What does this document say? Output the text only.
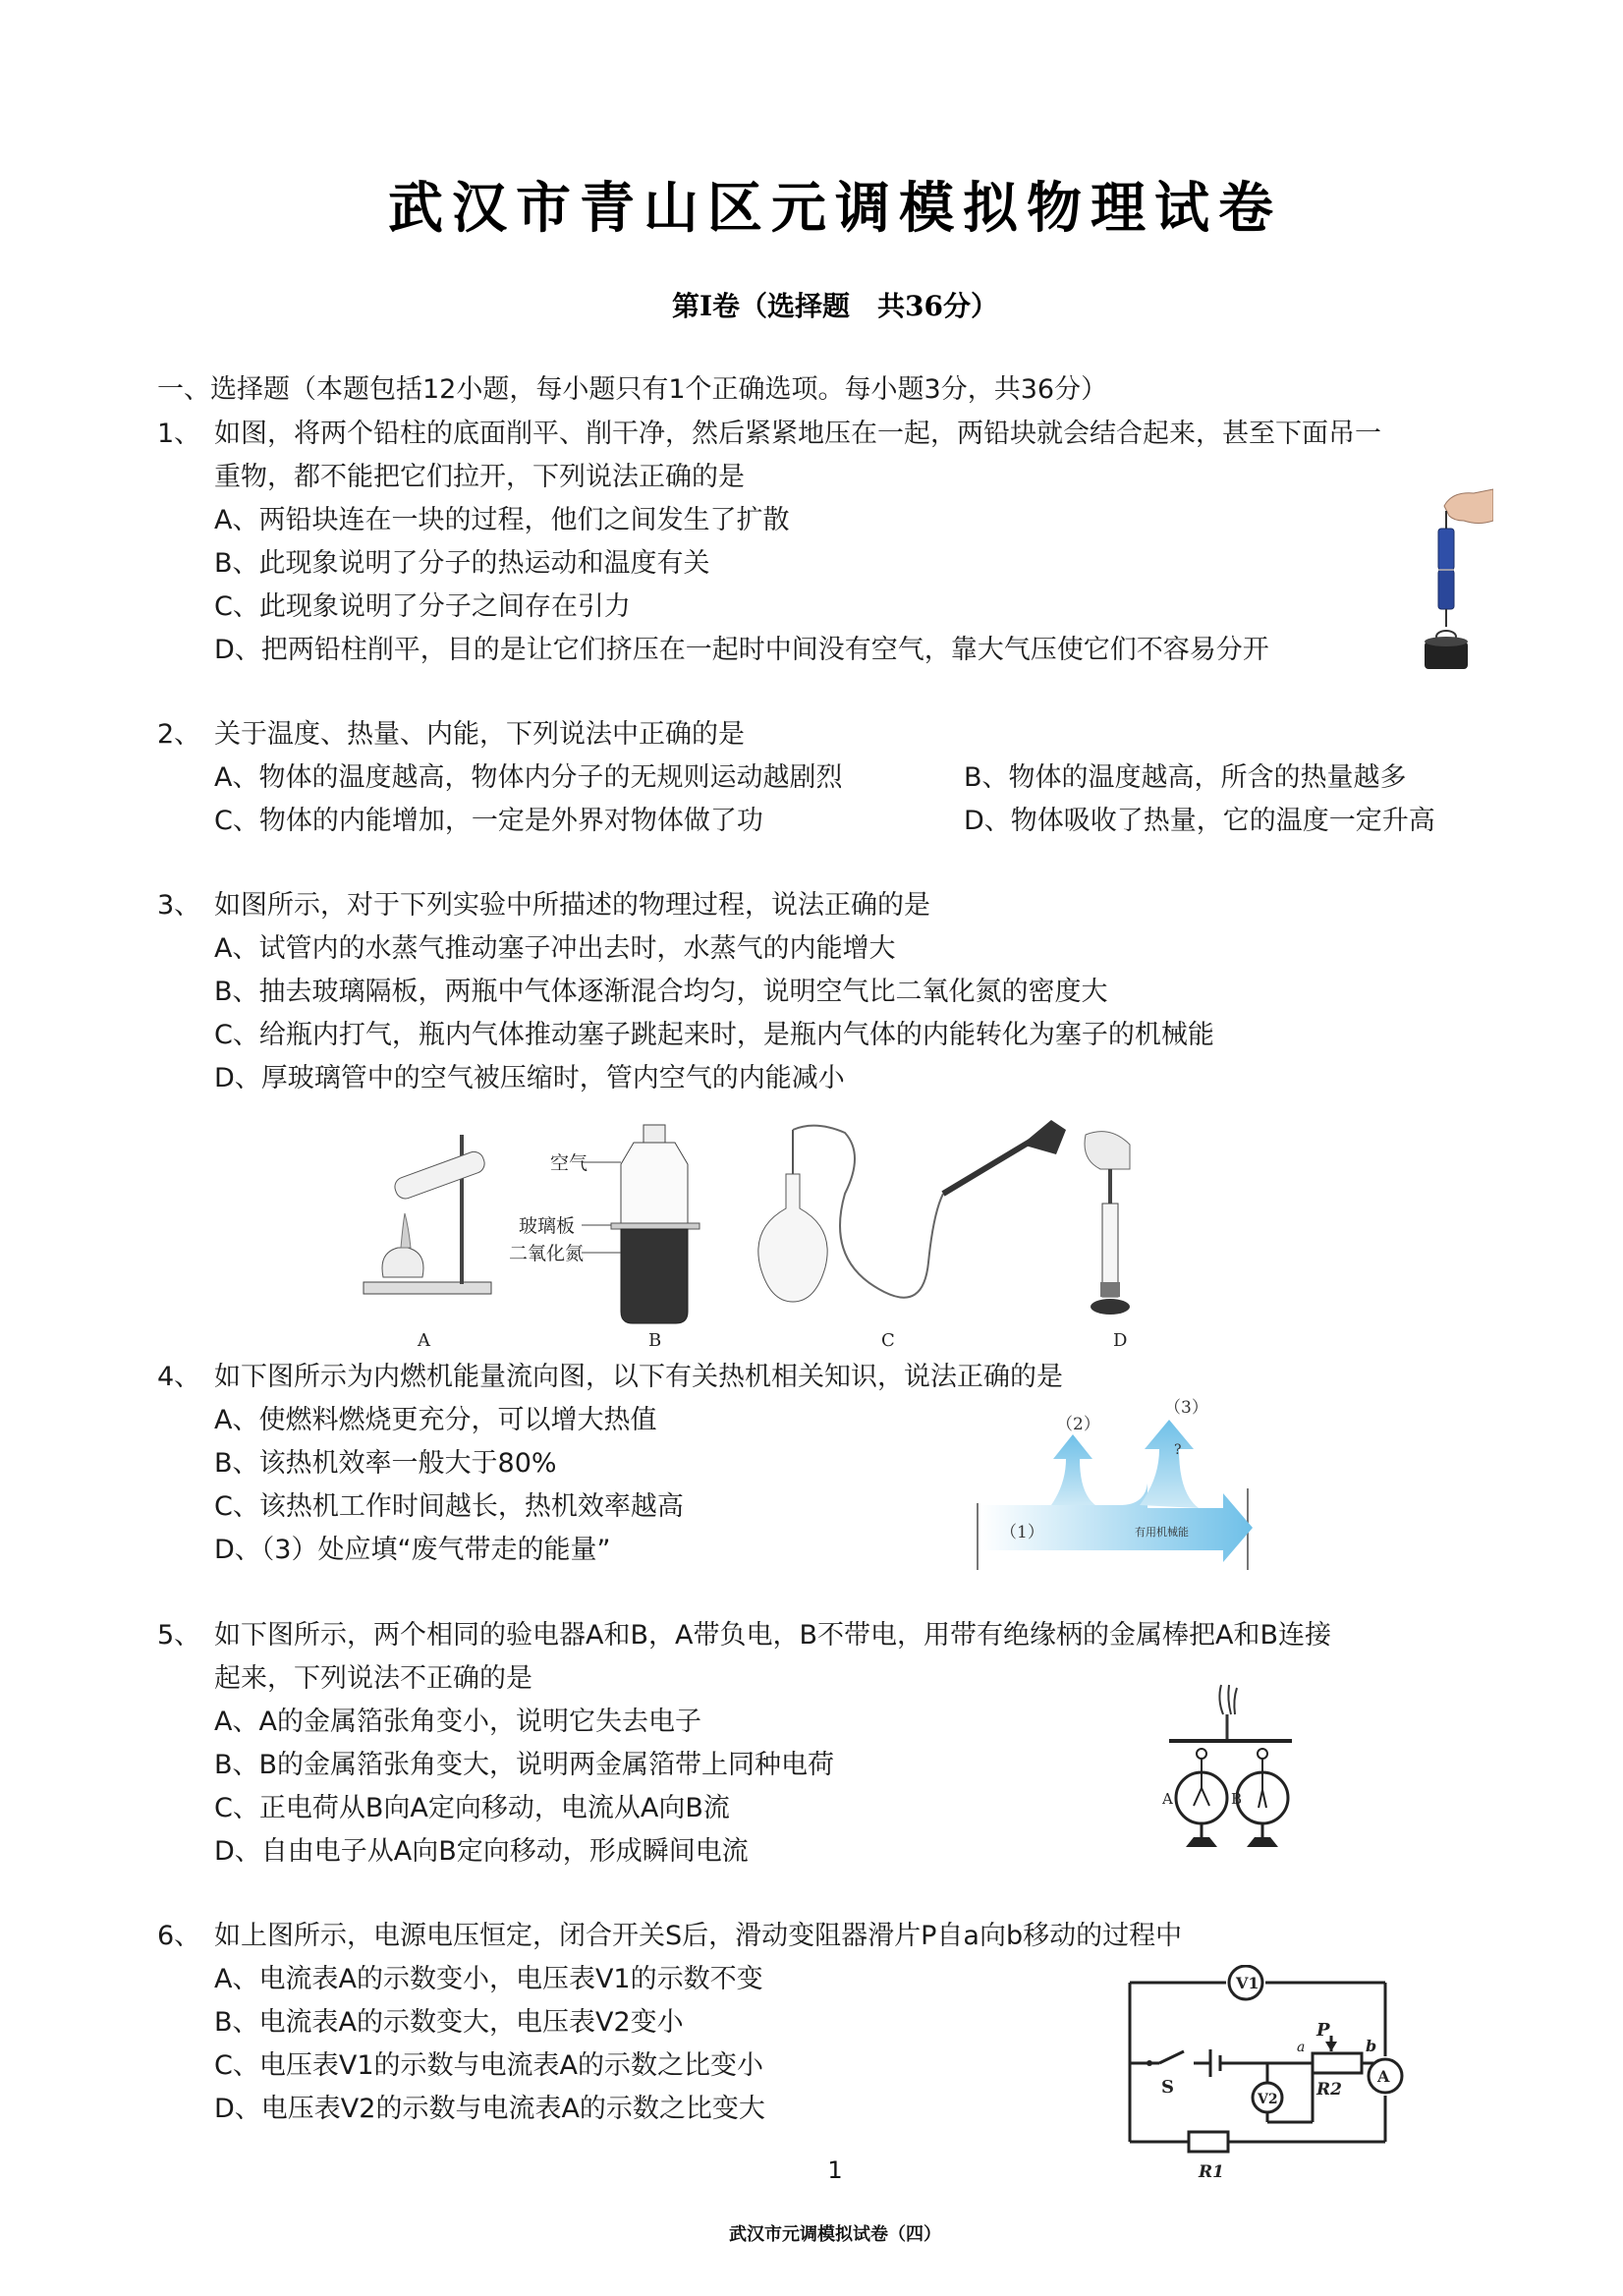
武汉市青山区元调模拟物理试卷
第Ⅰ卷（选择题　共36分）
一、选择题（本题包括12小题，每小题只有1个正确选项。每小题3分，共36分）
1、 如图，将两个铅柱的底面削平、削干净，然后紧紧地压在一起，两铅块就会结合起来，甚至下面吊一
重物，都不能把它们拉开，下列说法正确的是
A、两铅块连在一块的过程，他们之间发生了扩散
B、此现象说明了分子的热运动和温度有关
C、此现象说明了分子之间存在引力
D、把两铅柱削平，目的是让它们挤压在一起时中间没有空气，靠大气压使它们不容易分开
2、 关于温度、热量、内能，下列说法中正确的是
A、物体的温度越高，物体内分子的无规则运动越剧烈	B、物体的温度越高，所含的热量越多
C、物体的内能增加，一定是外界对物体做了功	D、物体吸收了热量，它的温度一定升高
3、 如图所示，对于下列实验中所描述的物理过程，说法正确的是
A、试管内的水蒸气推动塞子冲出去时，水蒸气的内能增大
B、抽去玻璃隔板，两瓶中气体逐渐混合均匀，说明空气比二氧化氮的密度大
C、给瓶内打气，瓶内气体推动塞子跳起来时，是瓶内气体的内能转化为塞子的机械能
D、厚玻璃管中的空气被压缩时，管内空气的内能减小
空气
玻璃板
二氧化氮
A	B	C	D
4、 如下图所示为内燃机能量流向图，以下有关热机相关知识，说法正确的是
A、使燃料燃烧更充分，可以增大热值
B、该热机效率一般大于80%
C、该热机工作时间越长，热机效率越高
D、（3）处应填“废气带走的能量”
（1）
（2）
（3）
?
有用机械能
5、 如下图所示，两个相同的验电器A和B，A带负电，B不带电，用带有绝缘柄的金属棒把A和B连接
起来，下列说法不正确的是
A、A的金属箔张角变小，说明它失去电子
B、B的金属箔张角变大，说明两金属箔带上同种电荷
C、正电荷从B向A定向移动，电流从A向B流
D、自由电子从A向B定向移动，形成瞬间电流
A	B
6、 如上图所示，电源电压恒定，闭合开关S后，滑动变阻器滑片P自a向b移动的过程中
A、电流表A的示数变小，电压表V1的示数不变
B、电流表A的示数变大，电压表V2变小
C、电压表V1的示数与电流表A的示数之比变小
D、电压表V2的示数与电流表A的示数之比变大
V1
V2
A
S
P
a	b
R2
R1
1
武汉市元调模拟试卷（四）
